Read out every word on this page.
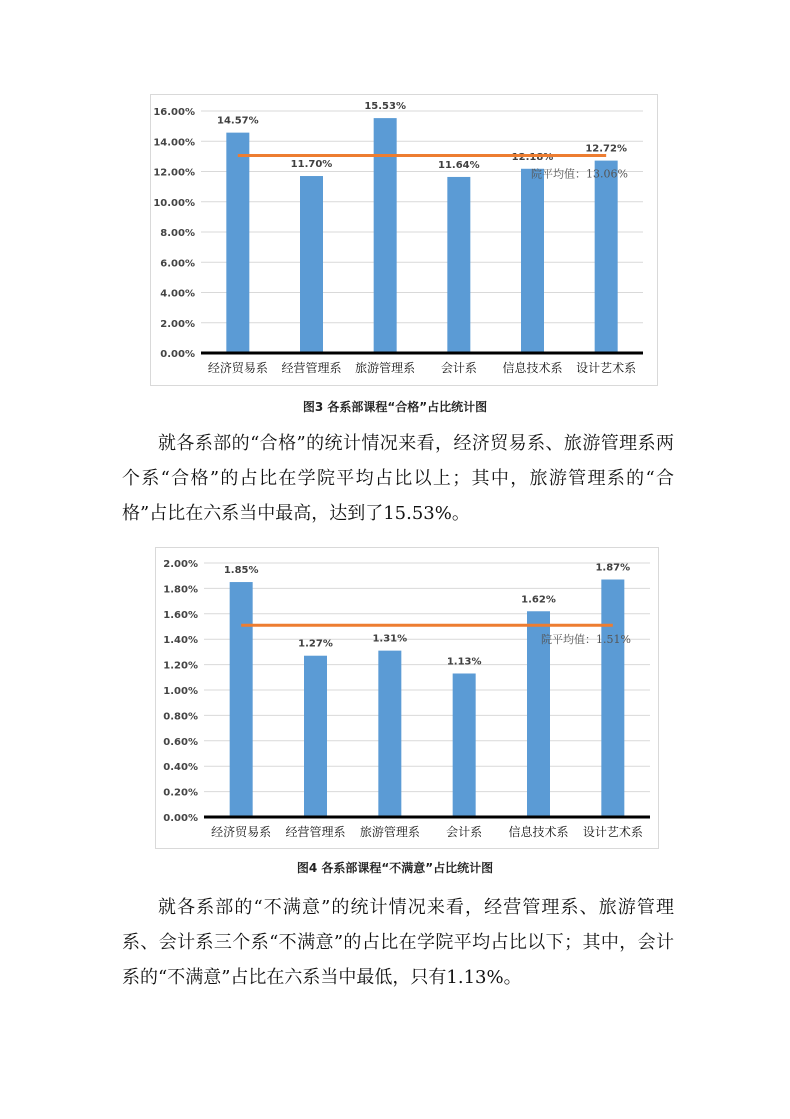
0.00%
2.00%
4.00%
6.00%
8.00%
10.00%
12.00%
14.00%
16.00%
14.57%
经济贸易系
11.70%
经营管理系
15.53%
旅游管理系
11.64%
会计系
12.18%
信息技术系
12.72%
设计艺术系
院平均值：13.06%
图3 各系部课程“合格”占比统计图
就各系部的“合格”的统计情况来看，经济贸易系、旅游管理系两个系“合格”的占比在学院平均占比以上；其中，旅游管理系的“合格”占比在六系当中最高，达到了15.53%。
0.00%
0.20%
0.40%
0.60%
0.80%
1.00%
1.20%
1.40%
1.60%
1.80%
2.00%
1.85%
经济贸易系
1.27%
经营管理系
1.31%
旅游管理系
1.13%
会计系
1.62%
信息技术系
1.87%
设计艺术系
院平均值：1.51%
图4 各系部课程“不满意”占比统计图
就各系部的“不满意”的统计情况来看，经营管理系、旅游管理系、会计系三个系“不满意”的占比在学院平均占比以下；其中，会计系的“不满意”占比在六系当中最低，只有1.13%。
